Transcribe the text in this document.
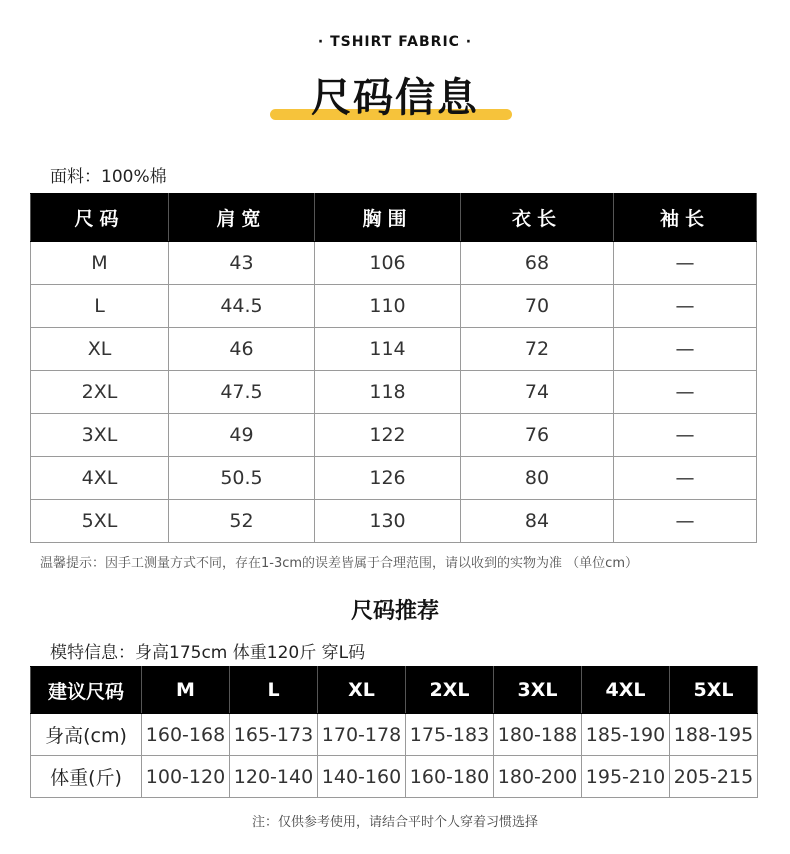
· TSHIRT FABRIC ·
尺码信息
面料：100%棉
尺码	肩宽	胸围	衣长	袖长
M	43	106	68	—
L	44.5	110	70	—
XL	46	114	72	—
2XL	47.5	118	74	—
3XL	49	122	76	—
4XL	50.5	126	80	—
5XL	52	130	84	—
温馨提示：因手工测量方式不同，存在1-3cm的误差皆属于合理范围，请以收到的实物为准 （单位cm）
尺码推荐
模特信息：身高175cm 体重120斤 穿L码
建议尺码	M	L	XL	2XL	3XL	4XL	5XL
身高(cm)	160-168	165-173	170-178	175-183	180-188	185-190	188-195
体重(斤)	100-120	120-140	140-160	160-180	180-200	195-210	205-215
注：仅供参考使用，请结合平时个人穿着习惯选择
